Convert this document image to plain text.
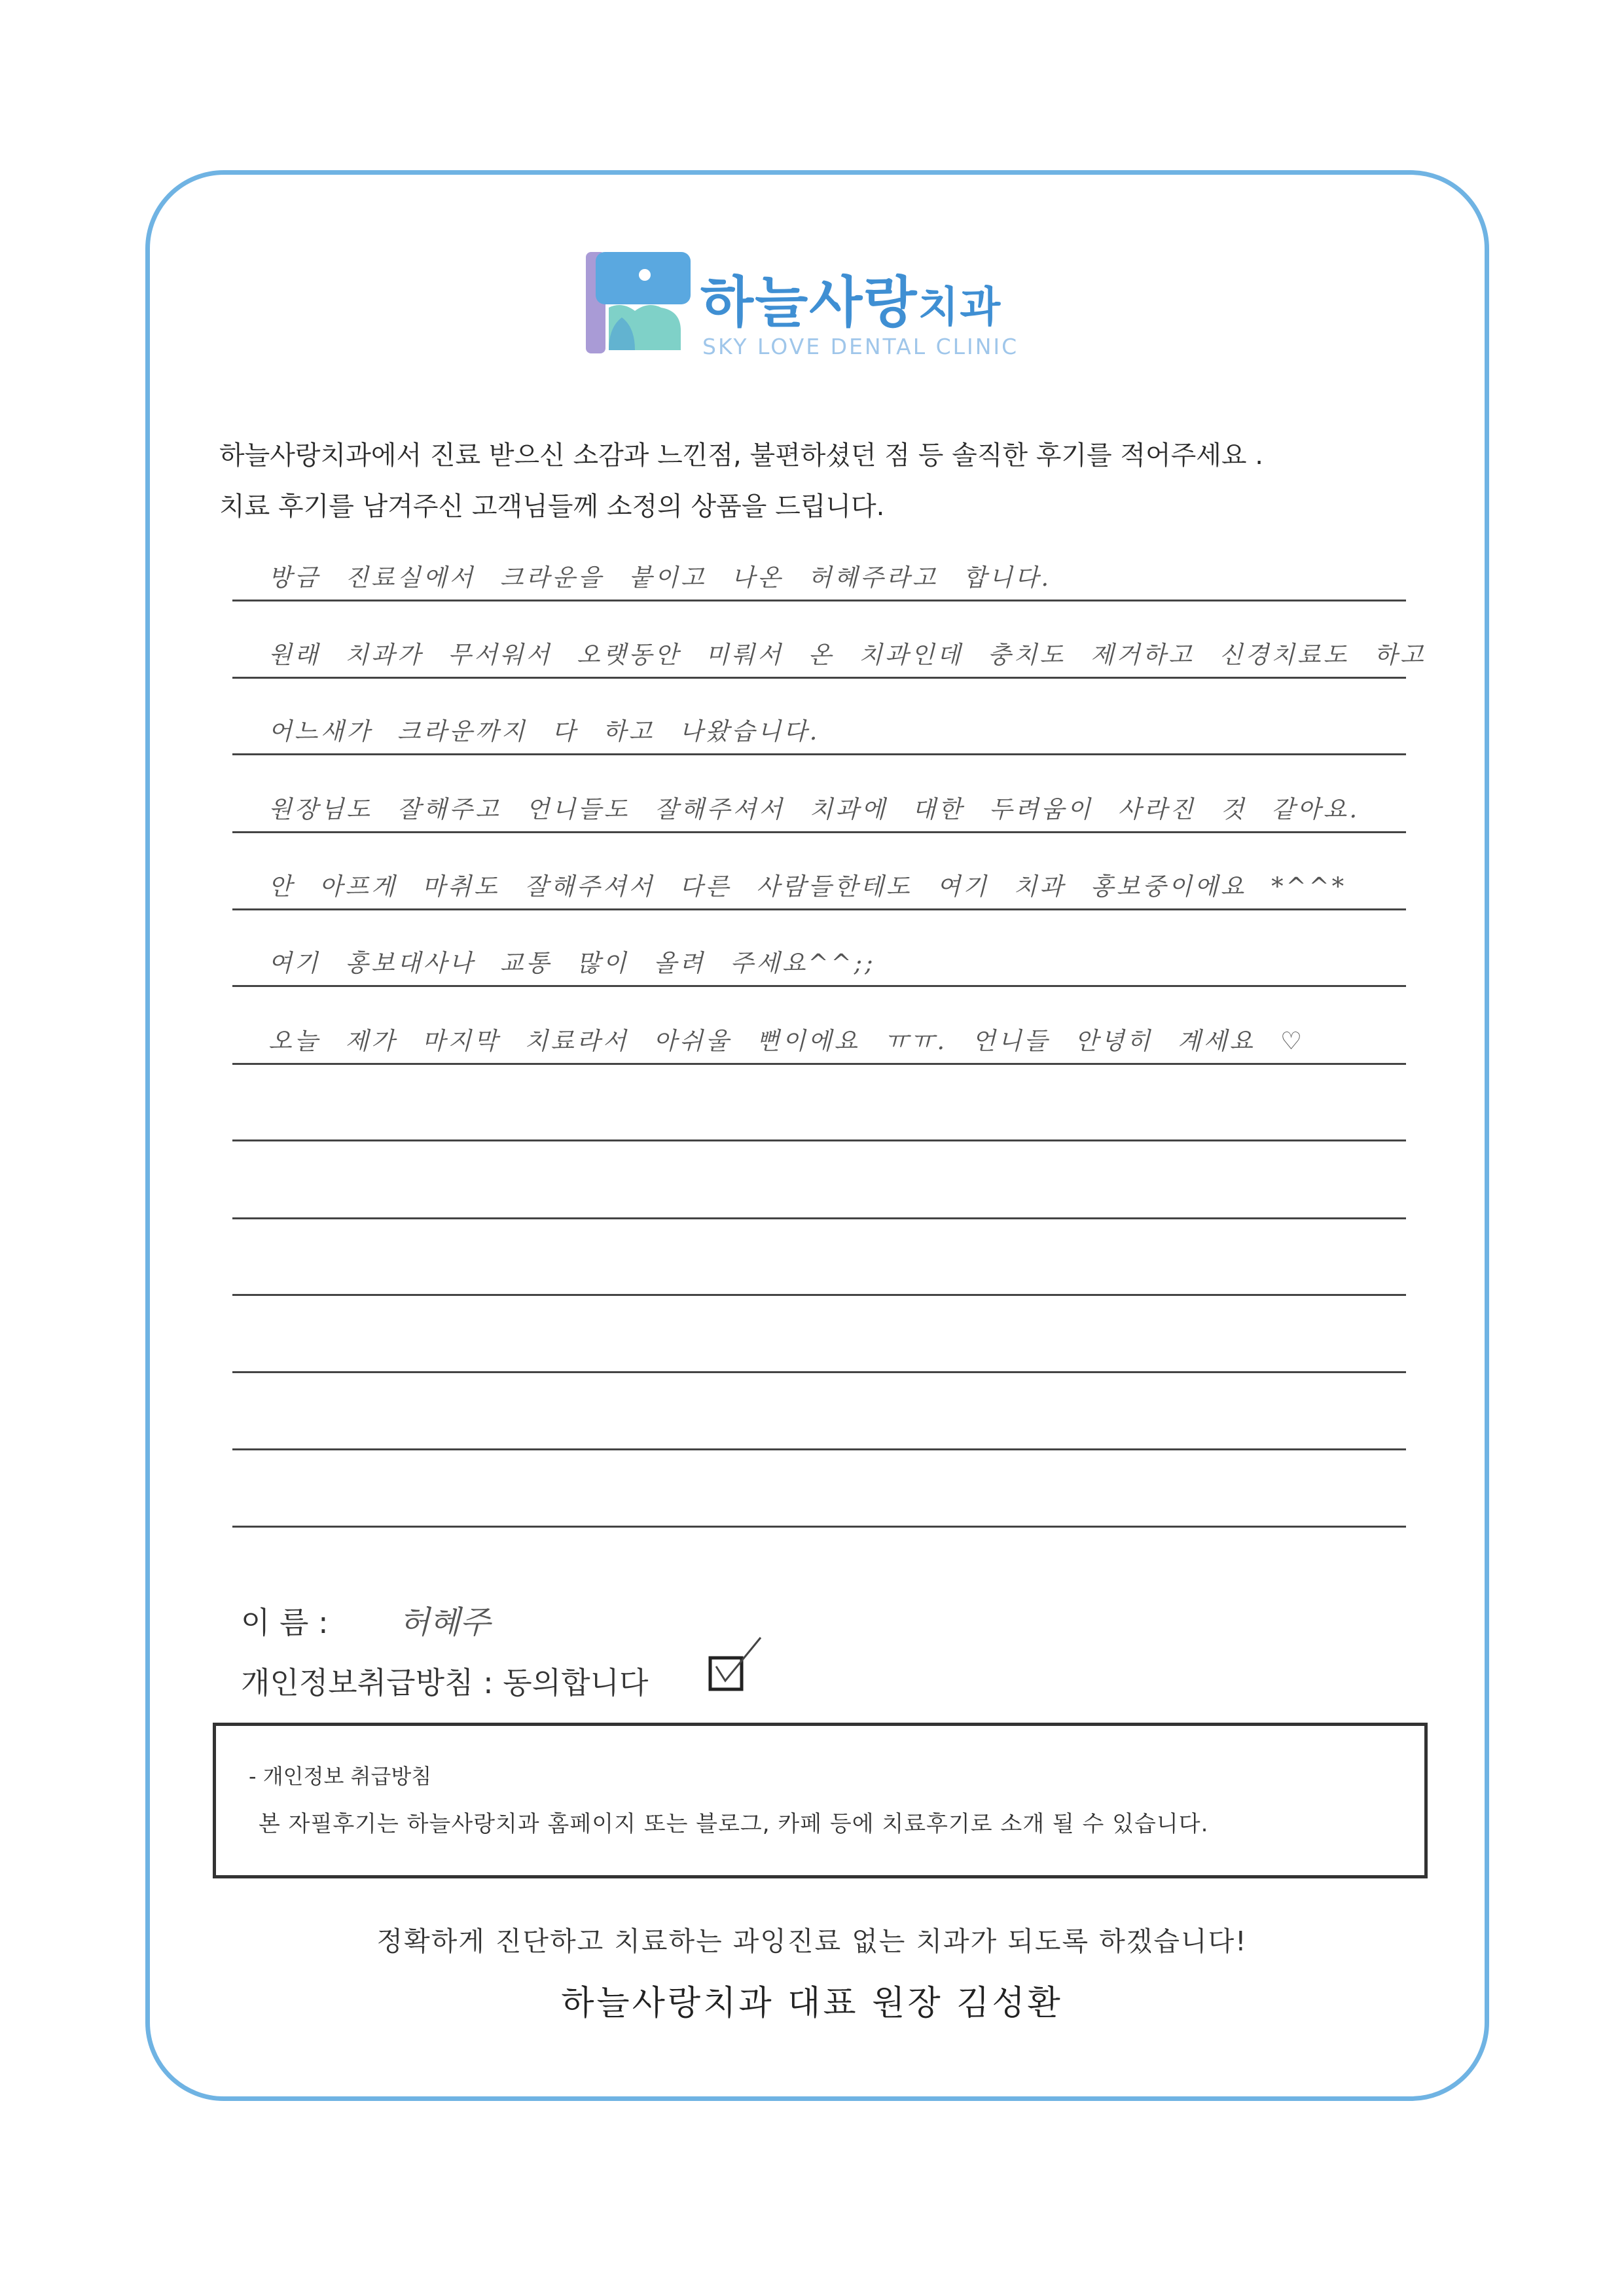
하늘사랑치과
SKY LOVE DENTAL CLINIC
하늘사랑치과에서 진료 받으신 소감과 느낀점, 불편하셨던 점 등 솔직한 후기를 적어주세요 .
치료 후기를 남겨주신 고객님들께 소정의 상품을 드립니다.
방금 진료실에서 크라운을 붙이고 나온 허혜주라고 합니다.
원래 치과가 무서워서 오랫동안 미뤄서 온 치과인데 충치도 제거하고 신경치료도 하고
어느새가 크라운까지 다 하고 나왔습니다.
원장님도 잘해주고 언니들도 잘해주셔서 치과에 대한 두려움이 사라진 것 같아요.
안 아프게 마취도 잘해주셔서 다른 사람들한테도 여기 치과 홍보중이에요 *^^*
여기 홍보대사나 교통 많이 올려 주세요^^;;
오늘 제가 마지막 치료라서 아쉬울 뻔이에요 ㅠㅠ. 언니들 안녕히 계세요 ♡
이 름 : 허혜주
개인정보취급방침 : 동의합니다
- 개인정보 취급방침
본 자필후기는 하늘사랑치과 홈페이지 또는 블로그, 카페 등에 치료후기로 소개 될 수 있습니다.
정확하게 진단하고 치료하는 과잉진료 없는 치과가 되도록 하겠습니다!
하늘사랑치과 대표 원장 김성환
